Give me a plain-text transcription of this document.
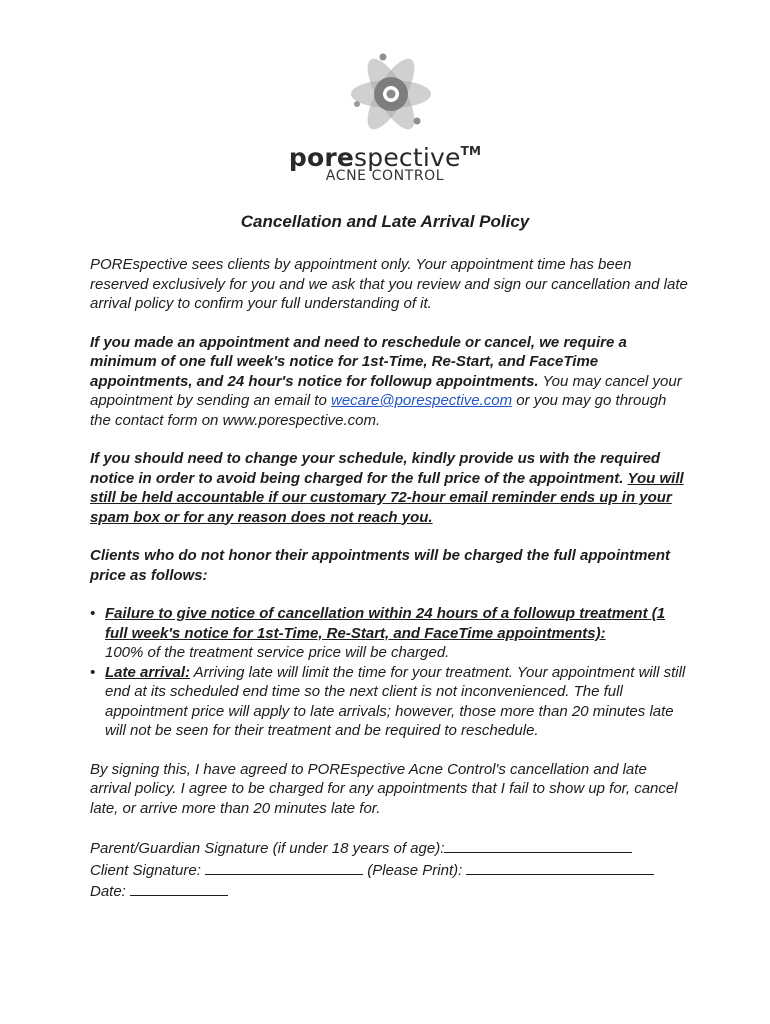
porespective™
ACNE CONTROL
Cancellation and Late Arrival Policy

POREspective sees clients by appointment only. Your appointment time has been reserved exclusively for you and we ask that you review and sign our cancellation and late arrival policy to confirm your full understanding of it.

If you made an appointment and need to reschedule or cancel, we require a minimum of one full week's notice for 1st-Time, Re-Start, and FaceTime appointments, and 24 hour's notice for followup appointments. You may cancel your appointment by sending an email to wecare@porespective.com or you may go through the contact form on www.porespective.com.

If you should need to change your schedule, kindly provide us with the required notice in order to avoid being charged for the full price of the appointment. You will still be held accountable if our customary 72-hour email reminder ends up in your spam box or for any reason does not reach you.

Clients who do not honor their appointments will be charged the full appointment price as follows:

• Failure to give notice of cancellation within 24 hours of a followup treatment (1 full week's notice for 1st-Time, Re-Start, and FaceTime appointments):
100% of the treatment service price will be charged.
• Late arrival: Arriving late will limit the time for your treatment. Your appointment will still end at its scheduled end time so the next client is not inconvenienced. The full appointment price will apply to late arrivals; however, those more than 20 minutes late will not be seen for their treatment and be required to reschedule.

By signing this, I have agreed to POREspective Acne Control's cancellation and late arrival policy. I agree to be charged for any appointments that I fail to show up for, cancel late, or arrive more than 20 minutes late for.

Parent/Guardian Signature (if under 18 years of age):

Client Signature:	(Please Print):

Date:
